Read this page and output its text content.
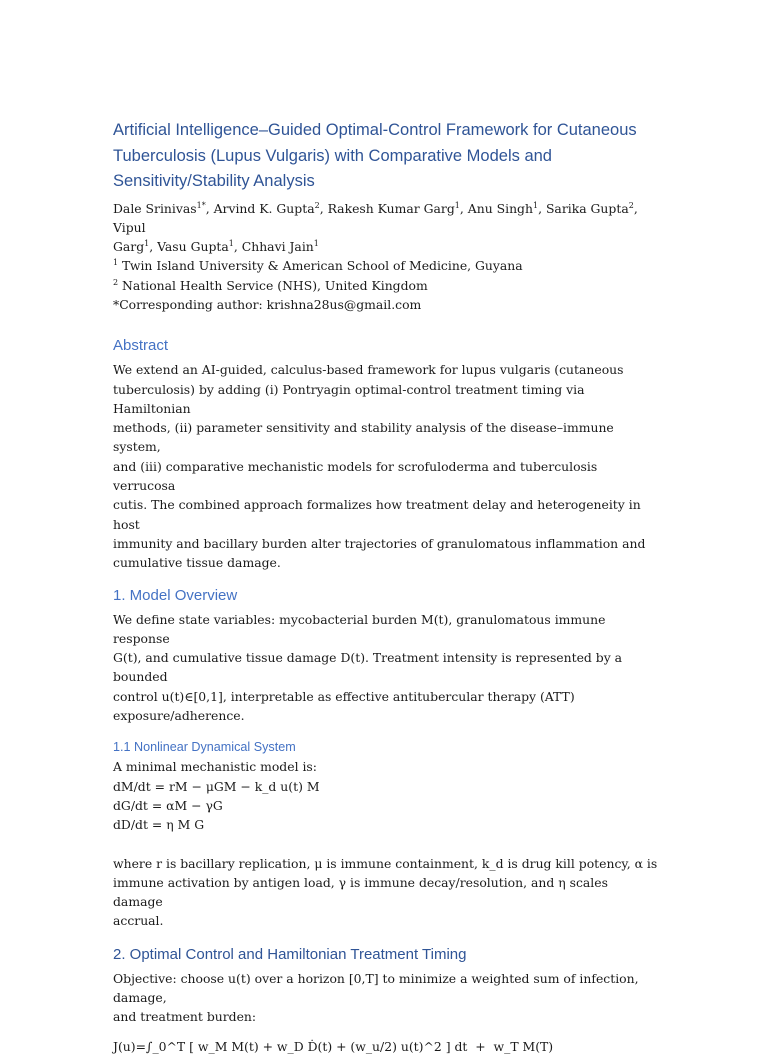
Artificial Intelligence–Guided Optimal-Control Framework for Cutaneous
Tuberculosis (Lupus Vulgaris) with Comparative Models and
Sensitivity/Stability Analysis
Dale Srinivas$^{1*}$, Arvind K. Gupta$^2$, Rakesh Kumar Garg$^1$, Anu Singh$^1$, Sarika Gupta$^2$, Vipul
Garg$^1$, Vasu Gupta$^1$, Chhavi Jain$^1$
$^1$ Twin Island University & American School of Medicine, Guyana
$^2$ National Health Service (NHS), United Kingdom
*Corresponding author: krishna28us@gmail.com
Abstract

We extend an AI-guided, calculus-based framework for lupus vulgaris (cutaneous
tuberculosis) by adding (i) Pontryagin optimal-control treatment timing via Hamiltonian
methods, (ii) parameter sensitivity and stability analysis of the disease–immune system,
and (iii) comparative mechanistic models for scrofuloderma and tuberculosis verrucosa
cutis. The combined approach formalizes how treatment delay and heterogeneity in host
immunity and bacillary burden alter trajectories of granulomatous inflammation and
cumulative tissue damage.

1. Model Overview

We define state variables: mycobacterial burden M(t), granulomatous immune response
G(t), and cumulative tissue damage D(t). Treatment intensity is represented by a bounded
control u(t)∈[0,1], interpretable as effective antitubercular therapy (ATT)
exposure/adherence.

1.1 Nonlinear Dynamical System

A minimal mechanistic model is:
dM/dt = rM − μGM − k_d u(t) M
dG/dt = αM − γG
dD/dt = η M G

where r is bacillary replication, μ is immune containment, k_d is drug kill potency, α is
immune activation by antigen load, γ is immune decay/resolution, and η scales damage
accrual.

2. Optimal Control and Hamiltonian Treatment Timing

Objective: choose u(t) over a horizon [0,T] to minimize a weighted sum of infection, damage,
and treatment burden:

J(u)=∫_0^T [ w_M M(t) + w_D Ḋ(t) + (w_u/2) u(t)^2 ] dt  +  w_T M(T)
